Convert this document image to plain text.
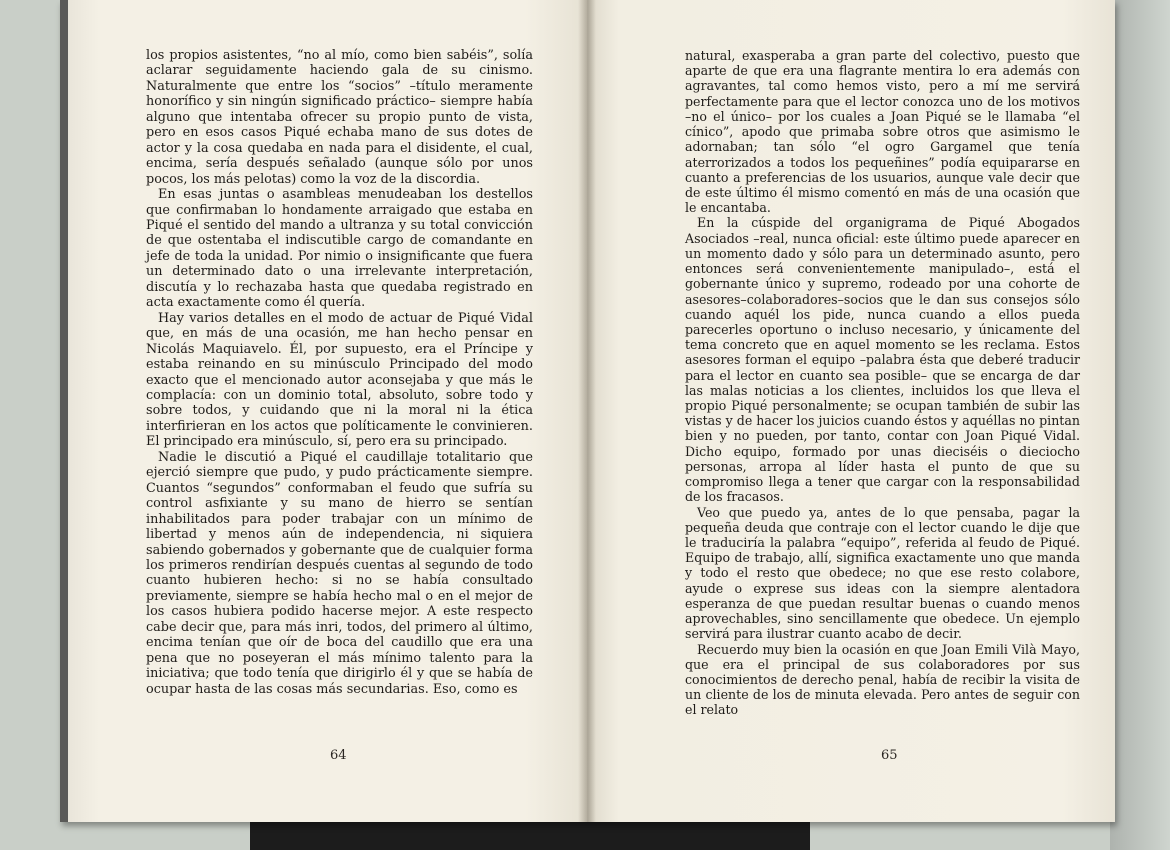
los propios asistentes, “no al mío, como bien sabéis”, solía aclarar seguidamente haciendo gala de su cinismo. Naturalmente que entre los “socios” –título meramente honorífico y sin ningún significado práctico– siempre había alguno que intentaba ofrecer su propio punto de vista, pero en esos casos Piqué echaba mano de sus dotes de actor y la cosa quedaba en nada para el disidente, el cual, encima, sería después señalado (aunque sólo por unos pocos, los más pelotas) como la voz de la discordia.

En esas juntas o asambleas menudeaban los destellos que confirmaban lo hondamente arraigado que estaba en Piqué el sentido del mando a ultranza y su total convicción de que ostentaba el indiscutible cargo de comandante en jefe de toda la unidad. Por nimio o insignificante que fuera un determinado dato o una irrelevante interpretación, discutía y lo rechazaba hasta que quedaba registrado en acta exactamente como él quería.

Hay varios detalles en el modo de actuar de Piqué Vidal que, en más de una ocasión, me han hecho pensar en Nicolás Maquiavelo. Él, por supuesto, era el Príncipe y estaba reinando en su minúsculo Principado del modo exacto que el mencionado autor aconsejaba y que más le complacía: con un dominio total, absoluto, sobre todo y sobre todos, y cuidando que ni la moral ni la ética interfirieran en los actos que políticamente le convinieren. El principado era minúsculo, sí, pero era su principado.

Nadie le discutió a Piqué el caudillaje totalitario que ejerció siempre que pudo, y pudo prácticamente siempre. Cuantos “segundos” conformaban el feudo que sufría su control asfixiante y su mano de hierro se sentían inhabilitados para poder trabajar con un mínimo de libertad y menos aún de independencia, ni siquiera sabiendo gobernados y gobernante que de cualquier forma los primeros rendirían después cuentas al segundo de todo cuanto hubieren hecho: si no se había consultado previamente, siempre se había hecho mal o en el mejor de los casos hubiera podido hacerse mejor. A este respecto cabe decir que, para más inri, todos, del primero al último, encima tenían que oír de boca del caudillo que era una pena que no poseyeran el más mínimo talento para la iniciativa; que todo tenía que dirigirlo él y que se había de ocupar hasta de las cosas más secundarias. Eso, como es

64

natural, exasperaba a gran parte del colectivo, puesto que aparte de que era una flagrante mentira lo era además con agravantes, tal como hemos visto, pero a mí me servirá perfectamente para que el lector conozca uno de los motivos –no el único– por los cuales a Joan Piqué se le llamaba “el cínico”, apodo que primaba sobre otros que asimismo le adornaban; tan sólo “el ogro Gargamel que tenía aterrorizados a todos los pequeñines” podía equipararse en cuanto a preferencias de los usuarios, aunque vale decir que de este último él mismo comentó en más de una ocasión que le encantaba.

En la cúspide del organigrama de Piqué Abogados Asociados –real, nunca oficial: este último puede aparecer en un momento dado y sólo para un determinado asunto, pero entonces será convenientemente manipulado–, está el gobernante único y supremo, rodeado por una cohorte de asesores–colaboradores–socios que le dan sus consejos sólo cuando aquél los pide, nunca cuando a ellos pueda parecerles oportuno o incluso necesario, y únicamente del tema concreto que en aquel momento se les reclama. Estos asesores forman el equipo –palabra ésta que deberé traducir para el lector en cuanto sea posible– que se encarga de dar las malas noticias a los clientes, incluidos los que lleva el propio Piqué personalmente; se ocupan también de subir las vistas y de hacer los juicios cuando éstos y aquéllas no pintan bien y no pueden, por tanto, contar con Joan Piqué Vidal. Dicho equipo, formado por unas dieciséis o dieciocho personas, arropa al líder hasta el punto de que su compromiso llega a tener que cargar con la responsabilidad de los fracasos.

Veo que puedo ya, antes de lo que pensaba, pagar la pequeña deuda que contraje con el lector cuando le dije que le traduciría la palabra “equipo”, referida al feudo de Piqué. Equipo de trabajo, allí, significa exactamente uno que manda y todo el resto que obedece; no que ese resto colabore, ayude o exprese sus ideas con la siempre alentadora esperanza de que puedan resultar buenas o cuando menos aprovechables, sino sencillamente que obedece. Un ejemplo servirá para ilustrar cuanto acabo de decir.

Recuerdo muy bien la ocasión en que Joan Emili Vilà Mayo, que era el principal de sus colaboradores por sus conocimientos de derecho penal, había de recibir la visita de un cliente de los de minuta elevada. Pero antes de seguir con el relato

65
